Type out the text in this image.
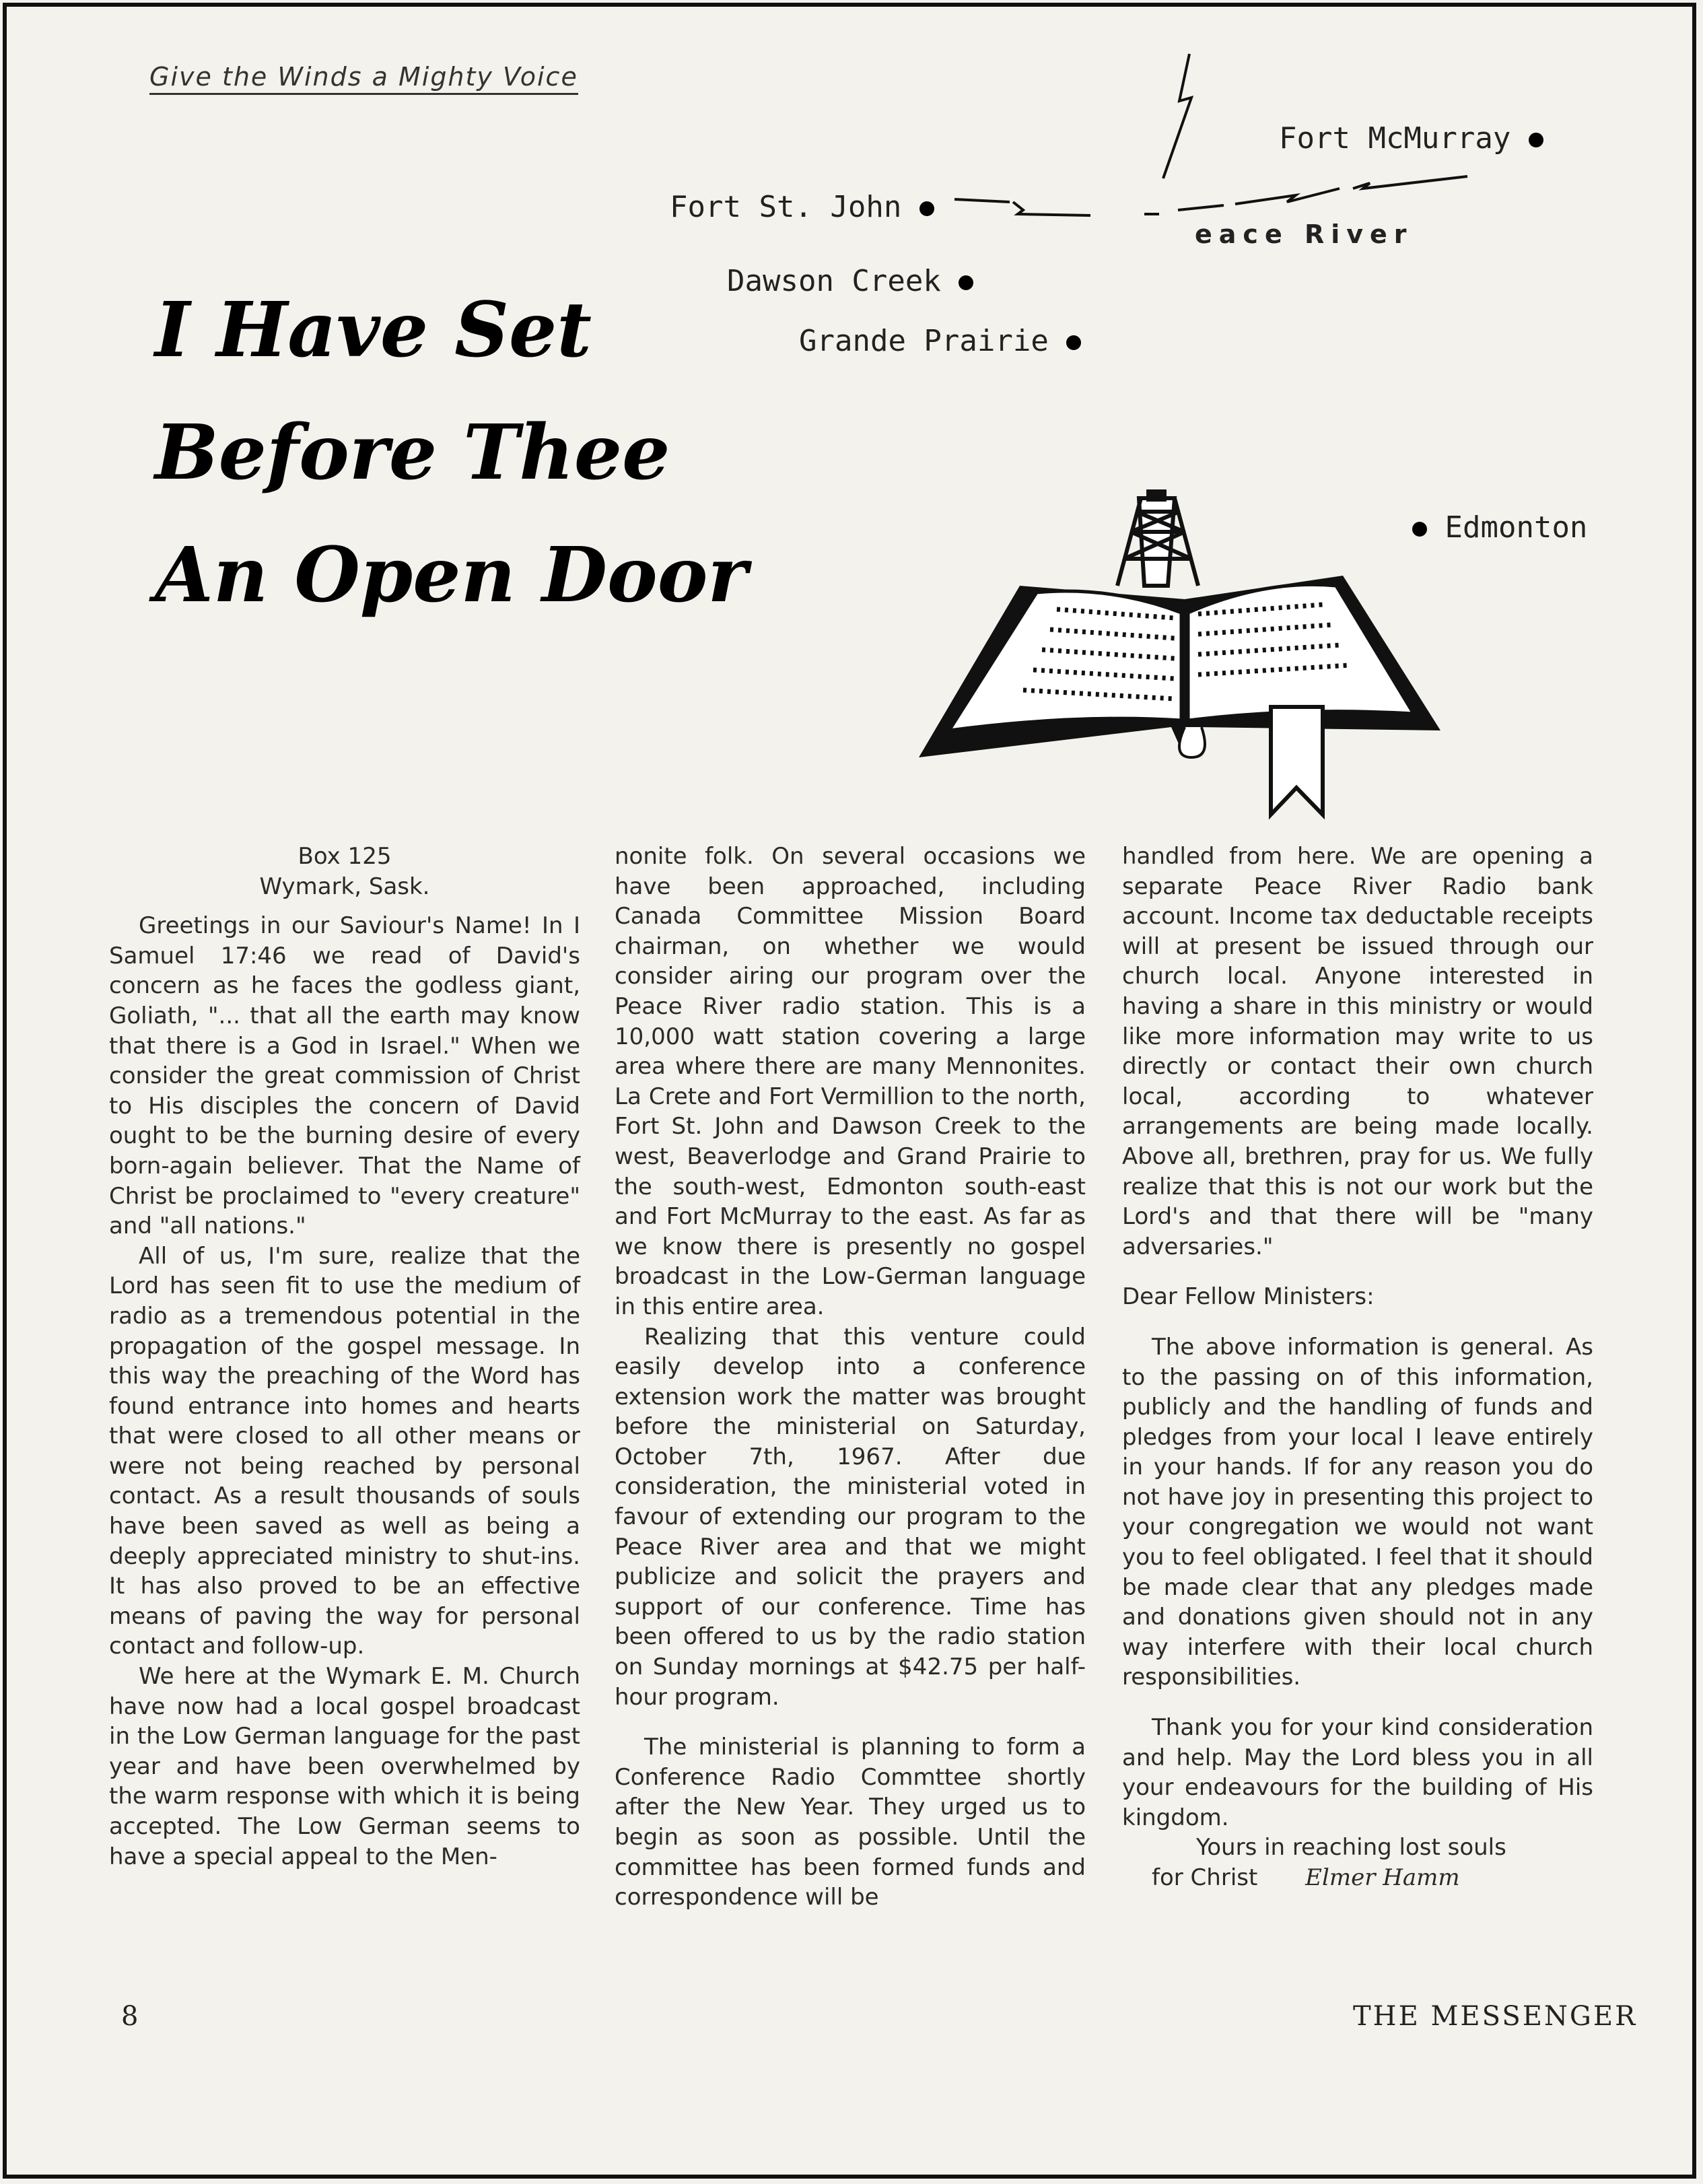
Give the Winds a Mighty Voice
I Have Set
Before Thee
An Open Door
Fort McMurray
Fort St. John
eace River
Dawson Creek
Grande Prairie
Edmonton

Box 125

Wymark, Sask.

Greetings in our Saviour's Name! In I Samuel 17:46 we read of David's concern as he faces the godless giant, Goliath, "... that all the earth may know that there is a God in Israel." When we consider the great commission of Christ to His disciples the concern of David ought to be the burning desire of every born-again believer. That the Name of Christ be proclaimed to "every creature" and "all nations."

All of us, I'm sure, realize that the Lord has seen fit to use the medium of radio as a tremendous potential in the propagation of the gospel message. In this way the preaching of the Word has found entrance into homes and hearts that were closed to all other means or were not being reached by personal contact. As a result thousands of souls have been saved as well as being a deeply appreciated ministry to shut-ins. It has also proved to be an effective means of paving the way for personal contact and follow-up.

We here at the Wymark E. M. Church have now had a local gospel broadcast in the Low German language for the past year and have been overwhelmed by the warm response with which it is being accepted. The Low German seems to have a special appeal to the Men-

nonite folk. On several occasions we have been approached, including Canada Committee Mission Board chairman, on whether we would consider airing our program over the Peace River radio station. This is a 10,000 watt station covering a large area where there are many Mennonites. La Crete and Fort Vermillion to the north, Fort St. John and Dawson Creek to the west, Beaverlodge and Grand Prairie to the south-west, Edmonton south-east and Fort McMurray to the east. As far as we know there is presently no gospel broadcast in the Low-German language in this entire area.

Realizing that this venture could easily develop into a conference extension work the matter was brought before the ministerial on Saturday, October 7th, 1967. After due consideration, the ministerial voted in favour of extending our program to the Peace River area and that we might publicize and solicit the prayers and support of our conference. Time has been offered to us by the radio station on Sunday mornings at $42.75 per half-hour program.

The ministerial is planning to form a Conference Radio Commttee shortly after the New Year. They urged us to begin as soon as possible. Until the committee has been formed funds and correspondence will be

handled from here. We are opening a separate Peace River Radio bank account. Income tax deductable receipts will at present be issued through our church local. Anyone interested in having a share in this ministry or would like more information may write to us directly or contact their own church local, according to whatever arrangements are being made locally. Above all, brethren, pray for us. We fully realize that this is not our work but the Lord's and that there will be "many adversaries."

Dear Fellow Ministers:

The above information is general. As to the passing on of this information, publicly and the handling of funds and pledges from your local I leave entirely in your hands. If for any reason you do not have joy in presenting this project to your congregation we would not want you to feel obligated. I feel that it should be made clear that any pledges made and donations given should not in any way interfere with their local church responsibilities.

Thank you for your kind consideration and help. May the Lord bless you in all your endeavours for the building of His kingdom.

Yours in reaching lost souls

for Christ Elmer Hamm

8	THE MESSENGER
